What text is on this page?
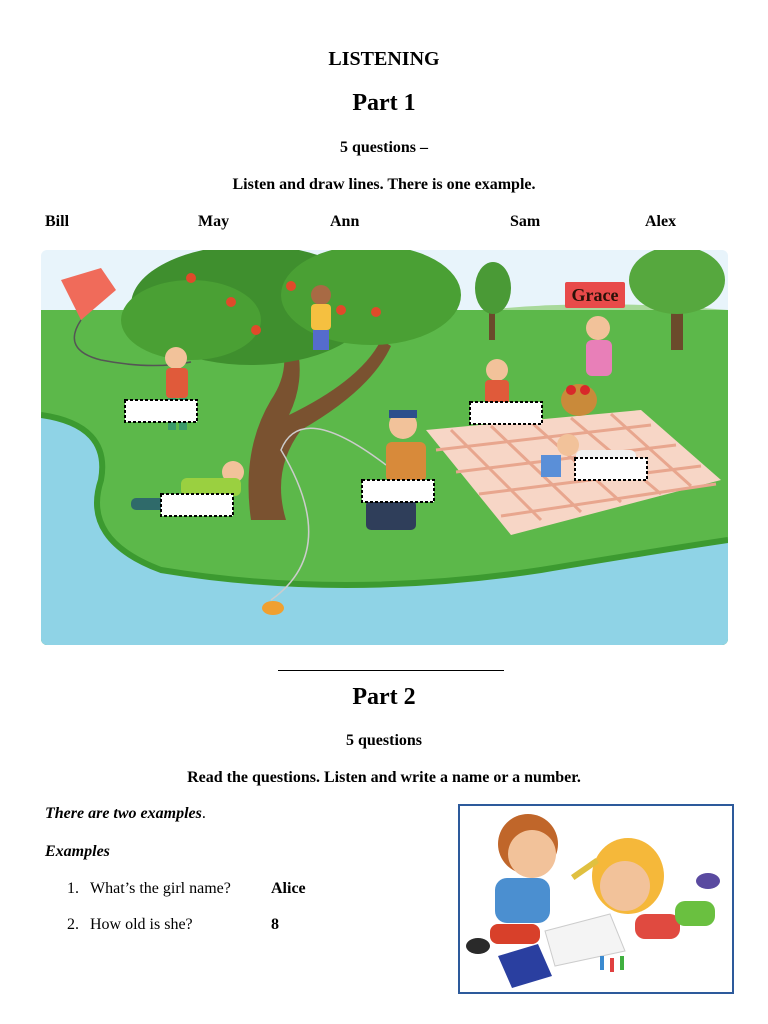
LISTENING
Part 1
5 questions –
Listen and draw lines. There is one example.
Bill	May	Ann	Sam	Alex
Grace
Part 2
5 questions
Read the questions. Listen and write a name or a number.
There are two examples.
Examples
1. What’s the girl name?	Alice
2. How old is she?	8
